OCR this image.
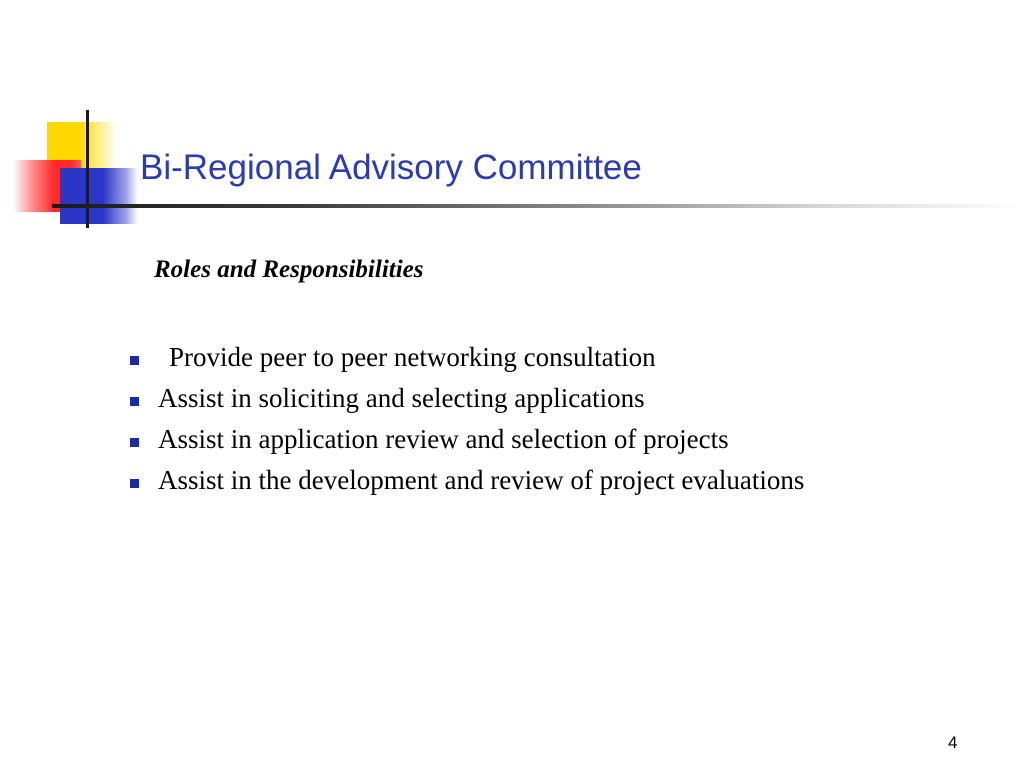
Bi-Regional Advisory Committee
Roles and Responsibilities
Provide peer to peer networking consultation
Assist in soliciting and selecting applications
Assist in application review and selection of projects
Assist in the development and review of project evaluations
4
